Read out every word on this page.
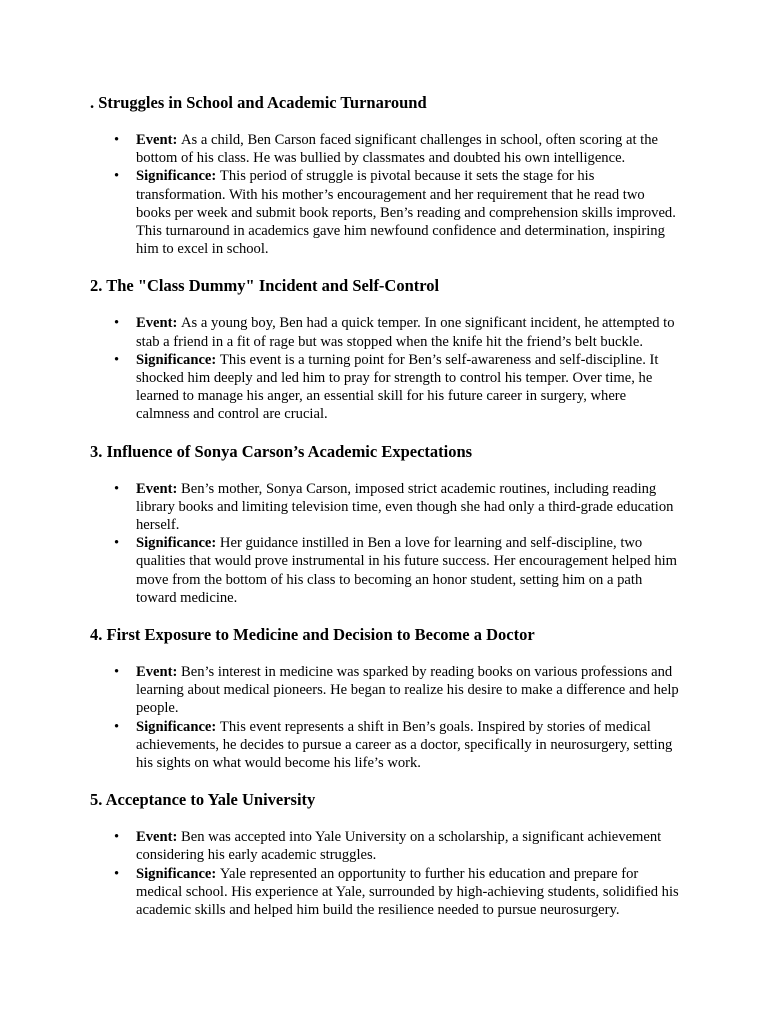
. Struggles in School and Academic Turnaround
• Event: As a child, Ben Carson faced significant challenges in school, often scoring at the bottom of his class. He was bullied by classmates and doubted his own intelligence.
• Significance: This period of struggle is pivotal because it sets the stage for his transformation. With his mother’s encouragement and her requirement that he read two books per week and submit book reports, Ben’s reading and comprehension skills improved. This turnaround in academics gave him newfound confidence and determination, inspiring him to excel in school.
2. The "Class Dummy" Incident and Self-Control
• Event: As a young boy, Ben had a quick temper. In one significant incident, he attempted to stab a friend in a fit of rage but was stopped when the knife hit the friend’s belt buckle.
• Significance: This event is a turning point for Ben’s self-awareness and self-discipline. It shocked him deeply and led him to pray for strength to control his temper. Over time, he learned to manage his anger, an essential skill for his future career in surgery, where calmness and control are crucial.
3. Influence of Sonya Carson’s Academic Expectations
• Event: Ben’s mother, Sonya Carson, imposed strict academic routines, including reading library books and limiting television time, even though she had only a third-grade education herself.
• Significance: Her guidance instilled in Ben a love for learning and self-discipline, two qualities that would prove instrumental in his future success. Her encouragement helped him move from the bottom of his class to becoming an honor student, setting him on a path toward medicine.
4. First Exposure to Medicine and Decision to Become a Doctor
• Event: Ben’s interest in medicine was sparked by reading books on various professions and learning about medical pioneers. He began to realize his desire to make a difference and help people.
• Significance: This event represents a shift in Ben’s goals. Inspired by stories of medical achievements, he decides to pursue a career as a doctor, specifically in neurosurgery, setting his sights on what would become his life’s work.
5. Acceptance to Yale University
• Event: Ben was accepted into Yale University on a scholarship, a significant achievement considering his early academic struggles.
• Significance: Yale represented an opportunity to further his education and prepare for medical school. His experience at Yale, surrounded by high-achieving students, solidified his academic skills and helped him build the resilience needed to pursue neurosurgery.
